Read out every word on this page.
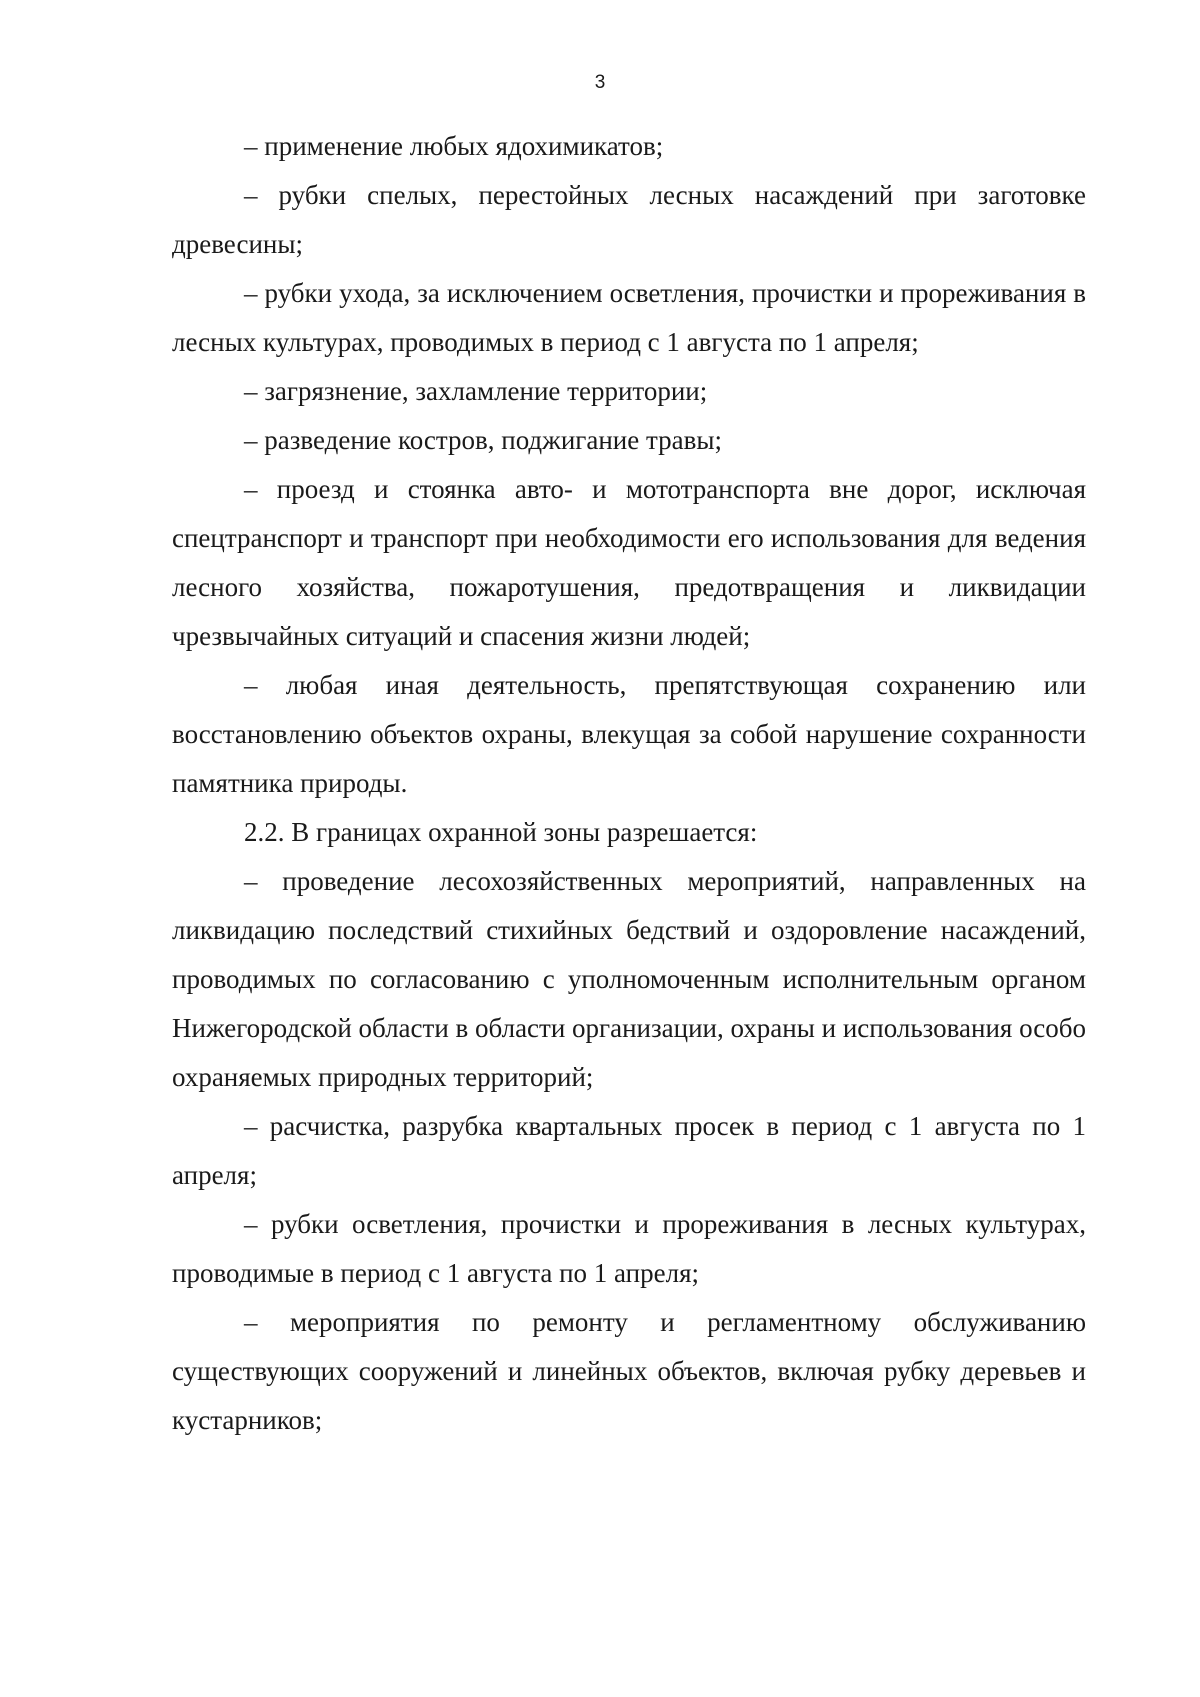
3

– применение любых ядохимикатов;

– рубки спелых, перестойных лесных насаждений при заготовке древесины;

– рубки ухода, за исключением осветления, прочистки и прореживания в лесных культурах, проводимых в период с 1 августа по 1 апреля;

– загрязнение, захламление территории;

– разведение костров, поджигание травы;

– проезд и стоянка авто- и мототранспорта вне дорог, исключая спецтранспорт и транспорт при необходимости его использования для ведения лесного хозяйства, пожаротушения, предотвращения и ликвидации чрезвычайных ситуаций и спасения жизни людей;

– любая иная деятельность, препятствующая сохранению или восстановлению объектов охраны, влекущая за собой нарушение сохранности памятника природы.

2.2. В границах охранной зоны разрешается:

– проведение лесохозяйственных мероприятий, направленных на ликвидацию последствий стихийных бедствий и оздоровление насаждений, проводимых по согласованию с уполномоченным исполнительным органом Нижегородской области в области организации, охраны и использования особо охраняемых природных территорий;

– расчистка, разрубка квартальных просек в период с 1 августа по 1 апреля;

– рубки осветления, прочистки и прореживания в лесных культурах, проводимые в период с 1 августа по 1 апреля;

– мероприятия по ремонту и регламентному обслуживанию существующих сооружений и линейных объектов, включая рубку деревьев и кустарников;
